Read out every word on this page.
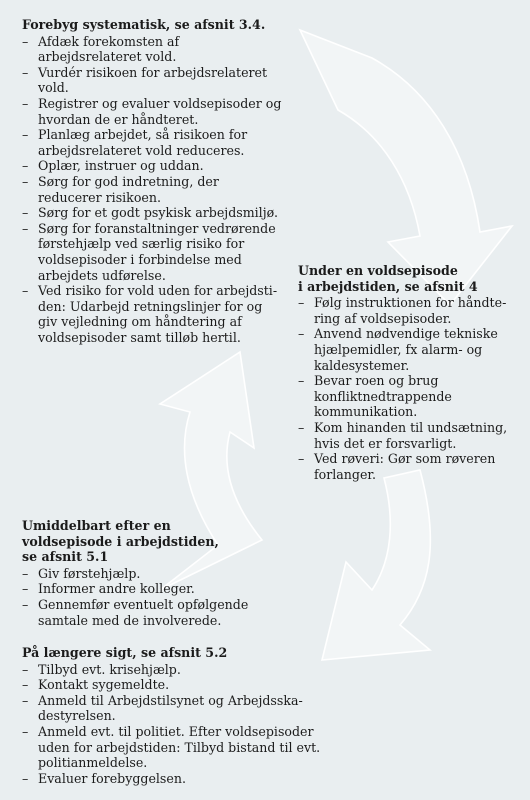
Forebyg systematisk, se afsnit 3.4.
– Afdæk forekomsten af arbejdsrelateret vold.
– Vurdér risikoen for arbejdsrelateret vold.
– Registrer og evaluer voldsepisoder og hvordan de er håndteret.
– Planlæg arbejdet, så risikoen for arbejdsrelateret vold reduceres.
– Oplær, instruer og uddan.
– Sørg for god indretning, der reducerer risikoen.
– Sørg for et godt psykisk arbejdsmiljø.
– Sørg for foranstaltninger vedrørende førstehjælp ved særlig risiko for voldsepisoder i forbindelse med arbejdets udførelse.
– Ved risiko for vold uden for arbejdstiden: Udarbejd retningslinjer for og giv vejledning om håndtering af voldsepisoder samt tilløb hertil.
Under en voldsepisode
i arbejdstiden, se afsnit 4
– Følg instruktionen for håndtering af voldsepisoder.
– Anvend nødvendige tekniske hjælpemidler, fx alarm- og kaldesystemer.
– Bevar roen og brug konfliktnedtrappende kommunikation.
– Kom hinanden til undsætning, hvis det er forsvarligt.
– Ved røveri: Gør som røveren forlanger.
Umiddelbart efter en
voldsepisode i arbejdstiden,
se afsnit 5.1
– Giv førstehjælp.
– Informer andre kolleger.
– Gennemfør eventuelt opfølgende samtale med de involverede.
På længere sigt, se afsnit 5.2
– Tilbyd evt. krisehjælp.
– Kontakt sygemeldte.
– Anmeld til Arbejdstilsynet og Arbejdsskadestyrelsen.
– Anmeld evt. til politiet. Efter voldsepisoder uden for arbejdstiden: Tilbyd bistand til evt. politianmeldelse.
– Evaluer forebyggelsen.
